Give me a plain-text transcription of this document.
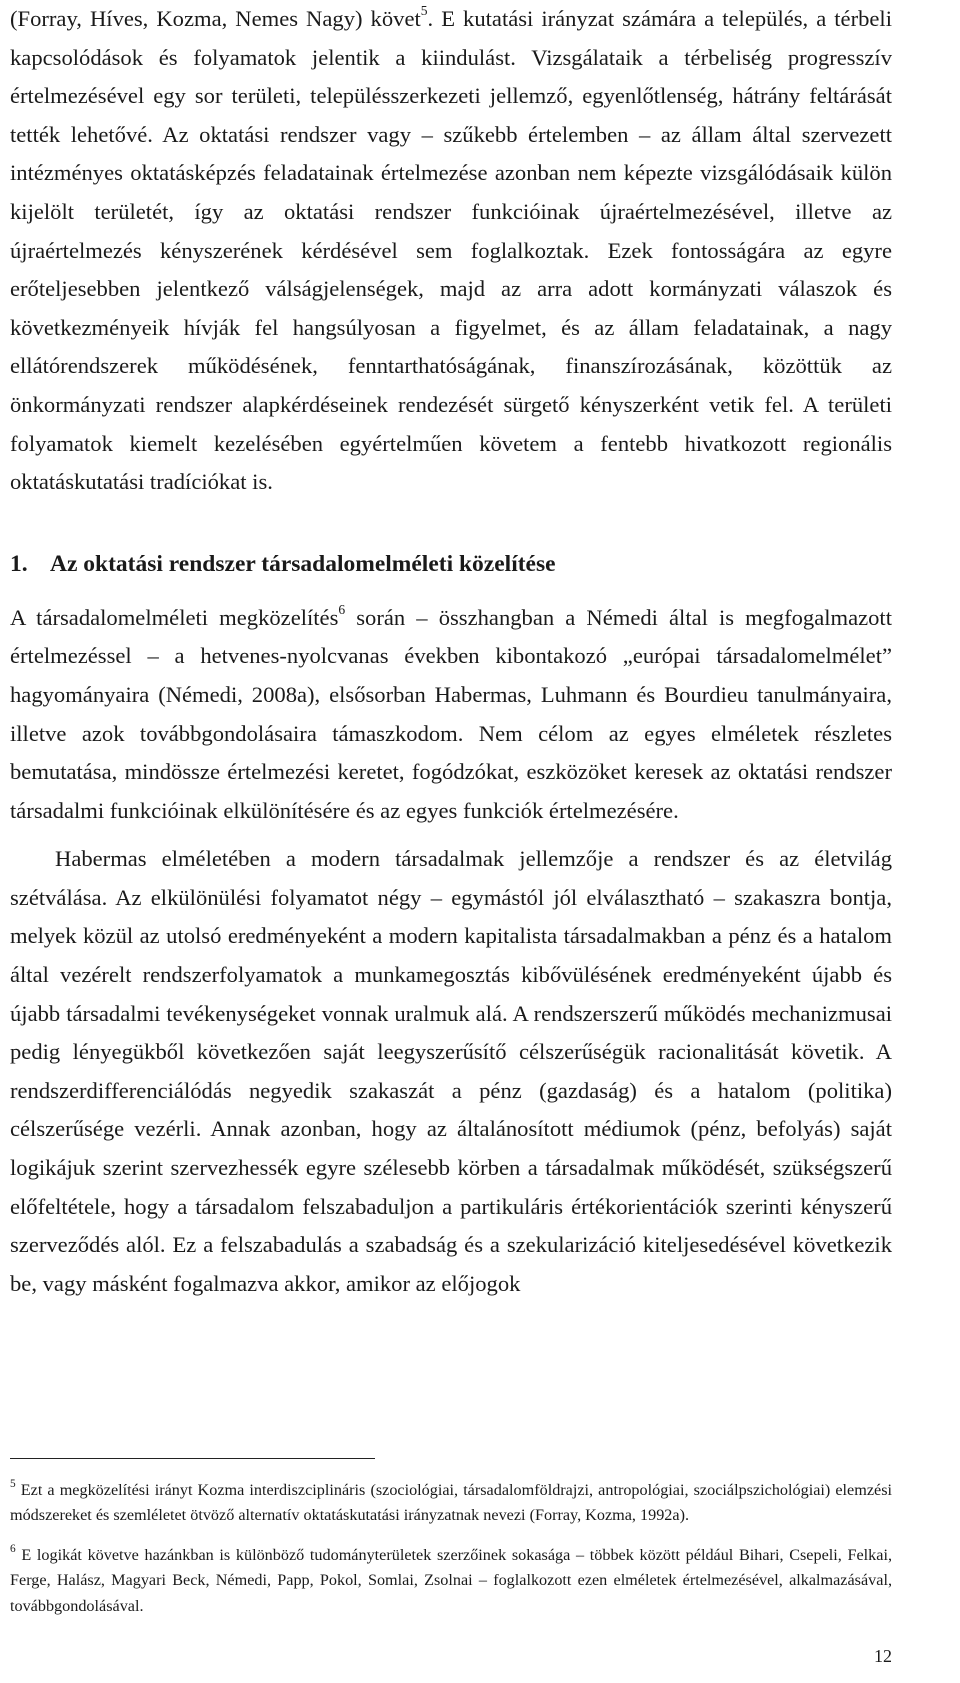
(Forray, Híves, Kozma, Nemes Nagy) követ$^5$. E kutatási irányzat számára a település, a térbeli kapcsolódások és folyamatok jelentik a kiindulást. Vizsgálataik a térbeliség progresszív értelmezésével egy sor területi, településszerkezeti jellemző, egyenlőtlenség, hátrány feltárását tették lehetővé. Az oktatási rendszer vagy – szűkebb értelemben – az állam által szervezett intézményes oktatásképzés feladatainak értelmezése azonban nem képezte vizsgálódásaik külön kijelölt területét, így az oktatási rendszer funkcióinak újraértelmezésével, illetve az újraértelmezés kényszerének kérdésével sem foglalkoztak. Ezek fontosságára az egyre erőteljesebben jelentkező válságjelenségek, majd az arra adott kormányzati válaszok és következményeik hívják fel hangsúlyosan a figyelmet, és az állam feladatainak, a nagy ellátórendszerek működésének, fenntarthatóságának, finanszírozásának, közöttük az önkormányzati rendszer alapkérdéseinek rendezését sürgető kényszerként vetik fel. A területi folyamatok kiemelt kezelésében egyértelműen követem a fentebb hivatkozott regionális oktatáskutatási tradíciókat is.

1. Az oktatási rendszer társadalomelméleti közelítése

A társadalomelméleti megközelítés$^6$ során – összhangban a Némedi által is megfogalmazott értelmezéssel – a hetvenes-nyolcvanas években kibontakozó „európai társadalomelmélet” hagyományaira (Némedi, 2008a), elsősorban Habermas, Luhmann és Bourdieu tanulmányaira, illetve azok továbbgondolásaira támaszkodom. Nem célom az egyes elméletek részletes bemutatása, mindössze értelmezési keretet, fogódzókat, eszközöket keresek az oktatási rendszer társadalmi funkcióinak elkülönítésére és az egyes funkciók értelmezésére.

Habermas elméletében a modern társadalmak jellemzője a rendszer és az életvilág szétválása. Az elkülönülési folyamatot négy – egymástól jól elválasztható – szakaszra bontja, melyek közül az utolsó eredményeként a modern kapitalista társadalmakban a pénz és a hatalom által vezérelt rendszerfolyamatok a munkamegosztás kibővülésének eredményeként újabb és újabb társadalmi tevékenységeket vonnak uralmuk alá. A rendszerszerű működés mechanizmusai pedig lényegükből következően saját leegyszerűsítő célszerűségük racionalitását követik. A rendszerdifferenciálódás negyedik szakaszát a pénz (gazdaság) és a hatalom (politika) célszerűsége vezérli. Annak azonban, hogy az általánosított médiumok (pénz, befolyás) saját logikájuk szerint szervezhessék egyre szélesebb körben a társadalmak működését, szükségszerű előfeltétele, hogy a társadalom felszabaduljon a partikuláris értékorientációk szerinti kényszerű szerveződés alól. Ez a felszabadulás a szabadság és a szekularizáció kiteljesedésével következik be, vagy másként fogalmazva akkor, amikor az előjogok

$^5$ Ezt a megközelítési irányt Kozma interdiszciplináris (szociológiai, társadalomföldrajzi, antropológiai, szociálpszichológiai) elemzési módszereket és szemléletet ötvöző alternatív oktatáskutatási irányzatnak nevezi (Forray, Kozma, 1992a).

$^6$ E logikát követve hazánkban is különböző tudományterületek szerzőinek sokasága – többek között például Bihari, Csepeli, Felkai, Ferge, Halász, Magyari Beck, Némedi, Papp, Pokol, Somlai, Zsolnai – foglalkozott ezen elméletek értelmezésével, alkalmazásával, továbbgondolásával.

12
